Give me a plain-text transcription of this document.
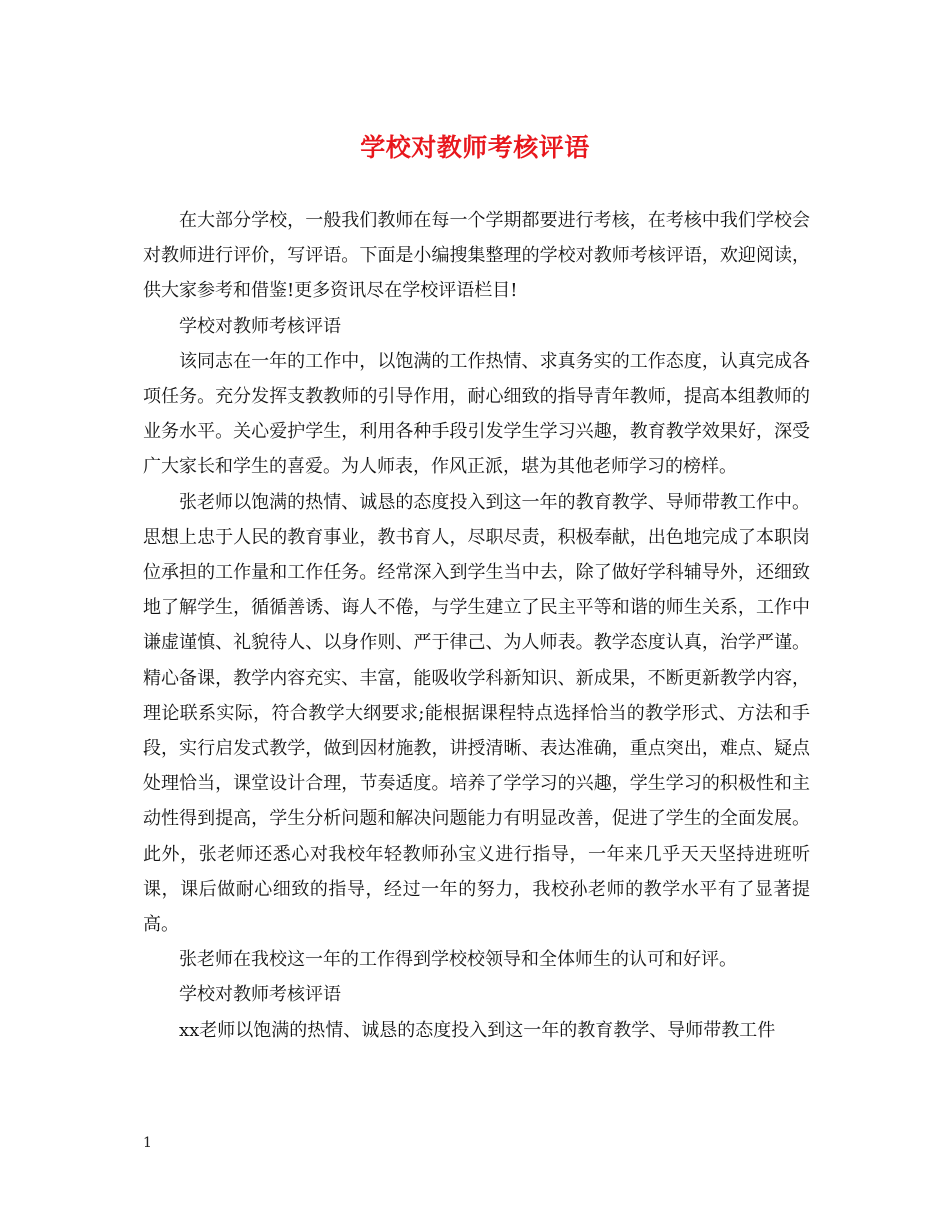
学校对教师考核评语

在大部分学校，一般我们教师在每一个学期都要进行考核，在考核中我们学校会对教师进行评价，写评语。下面是小编搜集整理的学校对教师考核评语，欢迎阅读，供大家参考和借鉴!更多资讯尽在学校评语栏目!

学校对教师考核评语

该同志在一年的工作中，以饱满的工作热情、求真务实的工作态度，认真完成各项任务。充分发挥支教教师的引导作用，耐心细致的指导青年教师，提高本组教师的业务水平。关心爱护学生，利用各种手段引发学生学习兴趣，教育教学效果好，深受广大家长和学生的喜爱。为人师表，作风正派，堪为其他老师学习的榜样。

张老师以饱满的热情、诚恳的态度投入到这一年的教育教学、导师带教工作中。思想上忠于人民的教育事业，教书育人，尽职尽责，积极奉献，出色地完成了本职岗位承担的工作量和工作任务。经常深入到学生当中去，除了做好学科辅导外，还细致地了解学生，循循善诱、诲人不倦，与学生建立了民主平等和谐的师生关系，工作中谦虚谨慎、礼貌待人、以身作则、严于律己、为人师表。教学态度认真，治学严谨。精心备课，教学内容充实、丰富，能吸收学科新知识、新成果，不断更新教学内容，理论联系实际，符合教学大纲要求;能根据课程特点选择恰当的教学形式、方法和手段，实行启发式教学，做到因材施教，讲授清晰、表达准确，重点突出，难点、疑点处理恰当，课堂设计合理，节奏适度。培养了学学习的兴趣，学生学习的积极性和主动性得到提高，学生分析问题和解决问题能力有明显改善，促进了学生的全面发展。此外，张老师还悉心对我校年轻教师孙宝义进行指导，一年来几乎天天坚持进班听课，课后做耐心细致的指导，经过一年的努力，我校孙老师的教学水平有了显著提高。

张老师在我校这一年的工作得到学校校领导和全体师生的认可和好评。

学校对教师考核评语

xx老师以饱满的热情、诚恳的态度投入到这一年的教育教学、导师带教工件

1
